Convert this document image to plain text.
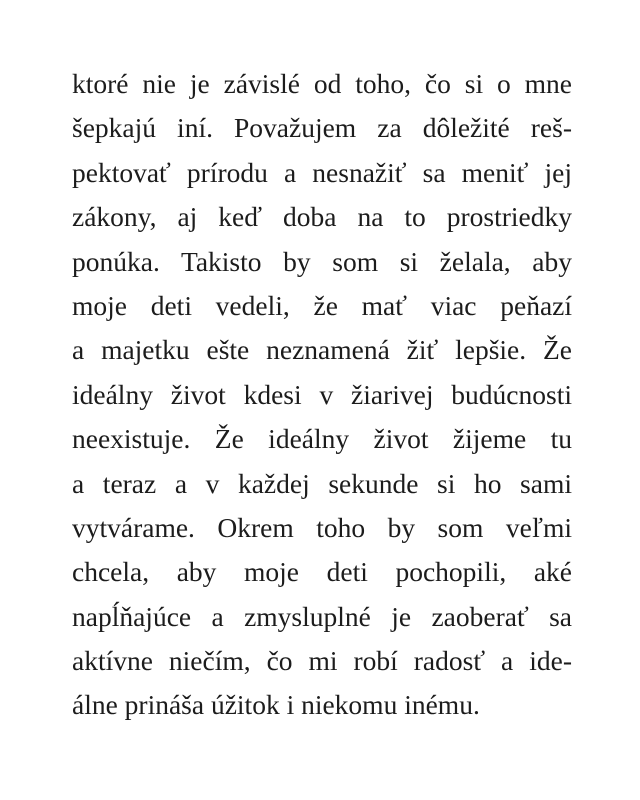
ktoré nie je závislé od toho, čo si o mne
šepkajú iní. Považujem za dôležité reš-
pektovať prírodu a nesnažiť sa meniť jej
zákony, aj keď doba na to prostriedky
ponúka. Takisto by som si želala, aby
moje deti vedeli, že mať viac peňazí
a majetku ešte neznamená žiť lepšie. Že
ideálny život kdesi v žiarivej budúcnosti
neexistuje. Že ideálny život žijeme tu
a teraz a v každej sekunde si ho sami
vytvárame. Okrem toho by som veľmi
chcela, aby moje deti pochopili, aké
napĺňajúce a zmysluplné je zaoberať sa
aktívne niečím, čo mi robí radosť a ide-
álne prináša úžitok i niekomu inému.
